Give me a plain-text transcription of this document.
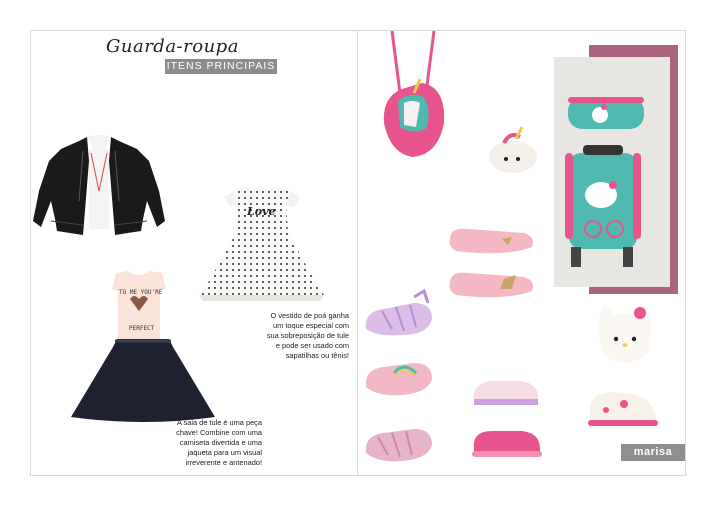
Guarda-roupa
ITENS PRINCIPAIS
Love
TO ME YOU'RE
PERFECT
O vestido de poá ganha
um toque especial com
sua sobreposição de tule
e pode ser usado com
sapatilhas ou tênis!
A saia de tule é uma peça
chave! Combine com uma
camiseta divertida e uma
jaqueta para um visual
irreverente e antenado!
marisa
